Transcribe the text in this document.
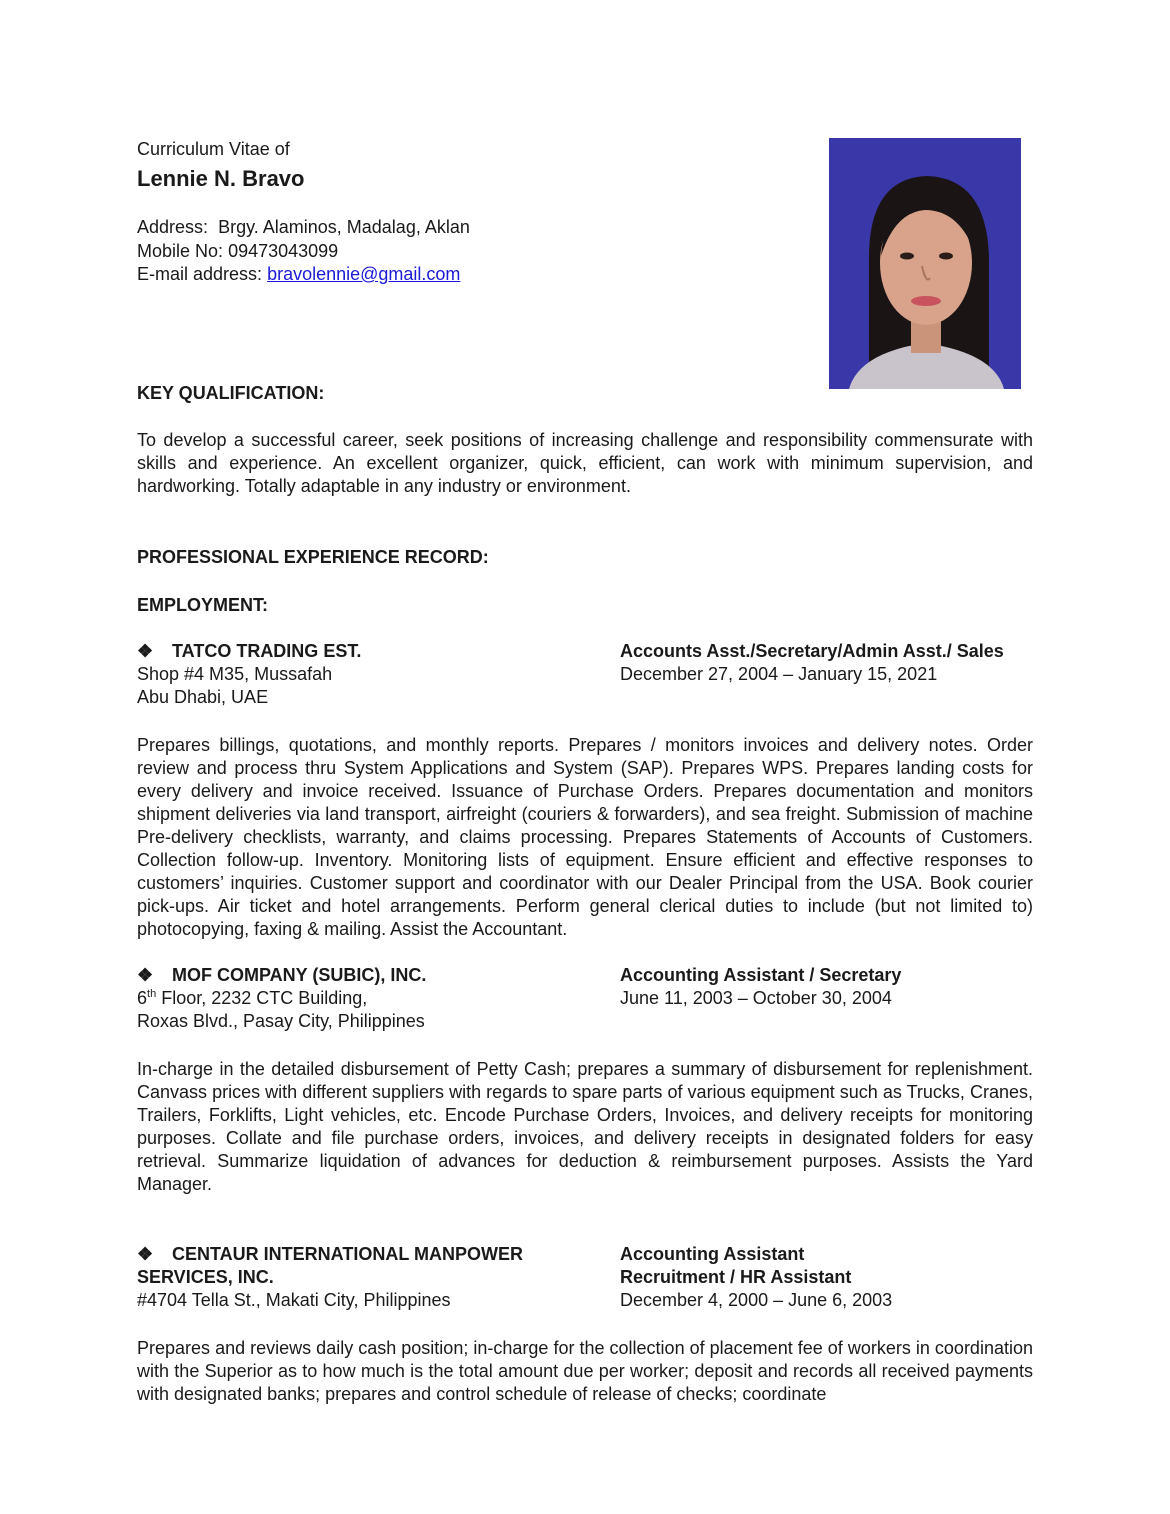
Curriculum Vitae of
Lennie N. Bravo
Address: Brgy. Alaminos, Madalag, Aklan
Mobile No: 09473043099
E-mail address: bravolennie@gmail.com
KEY QUALIFICATION:

To develop a successful career, seek positions of increasing challenge and responsibility commensurate with skills and experience. An excellent organizer, quick, efficient, can work with minimum supervision, and hardworking. Totally adaptable in any industry or environment.

PROFESSIONAL EXPERIENCE RECORD:
EMPLOYMENT:
❖ TATCO TRADING EST.
Shop #4 M35, Mussafah
Abu Dhabi, UAE
Accounts Asst./Secretary/Admin Asst./ Sales
December 27, 2004 – January 15, 2021

Prepares billings, quotations, and monthly reports. Prepares / monitors invoices and delivery notes. Order review and process thru System Applications and System (SAP). Prepares WPS. Prepares landing costs for every delivery and invoice received. Issuance of Purchase Orders. Prepares documentation and monitors shipment deliveries via land transport, airfreight (couriers & forwarders), and sea freight. Submission of machine Pre-delivery checklists, warranty, and claims processing. Prepares Statements of Accounts of Customers. Collection follow-up. Inventory. Monitoring lists of equipment. Ensure efficient and effective responses to customers’ inquiries. Customer support and coordinator with our Dealer Principal from the USA. Book courier pick-ups. Air ticket and hotel arrangements. Perform general clerical duties to include (but not limited to) photocopying, faxing & mailing. Assist the Accountant.

❖ MOF COMPANY (SUBIC), INC.
6th Floor, 2232 CTC Building,
Roxas Blvd., Pasay City, Philippines
Accounting Assistant / Secretary
June 11, 2003 – October 30, 2004

In-charge in the detailed disbursement of Petty Cash; prepares a summary of disbursement for replenishment. Canvass prices with different suppliers with regards to spare parts of various equipment such as Trucks, Cranes, Trailers, Forklifts, Light vehicles, etc. Encode Purchase Orders, Invoices, and delivery receipts for monitoring purposes. Collate and file purchase orders, invoices, and delivery receipts in designated folders for easy retrieval. Summarize liquidation of advances for deduction & reimbursement purposes. Assists the Yard Manager.

❖ CENTAUR INTERNATIONAL MANPOWER
SERVICES, INC.
#4704 Tella St., Makati City, Philippines
Accounting Assistant
Recruitment / HR Assistant
December 4, 2000 – June 6, 2003

Prepares and reviews daily cash position; in-charge for the collection of placement fee of workers in coordination with the Superior as to how much is the total amount due per worker; deposit and records all received payments with designated banks; prepares and control schedule of release of checks; coordinate
